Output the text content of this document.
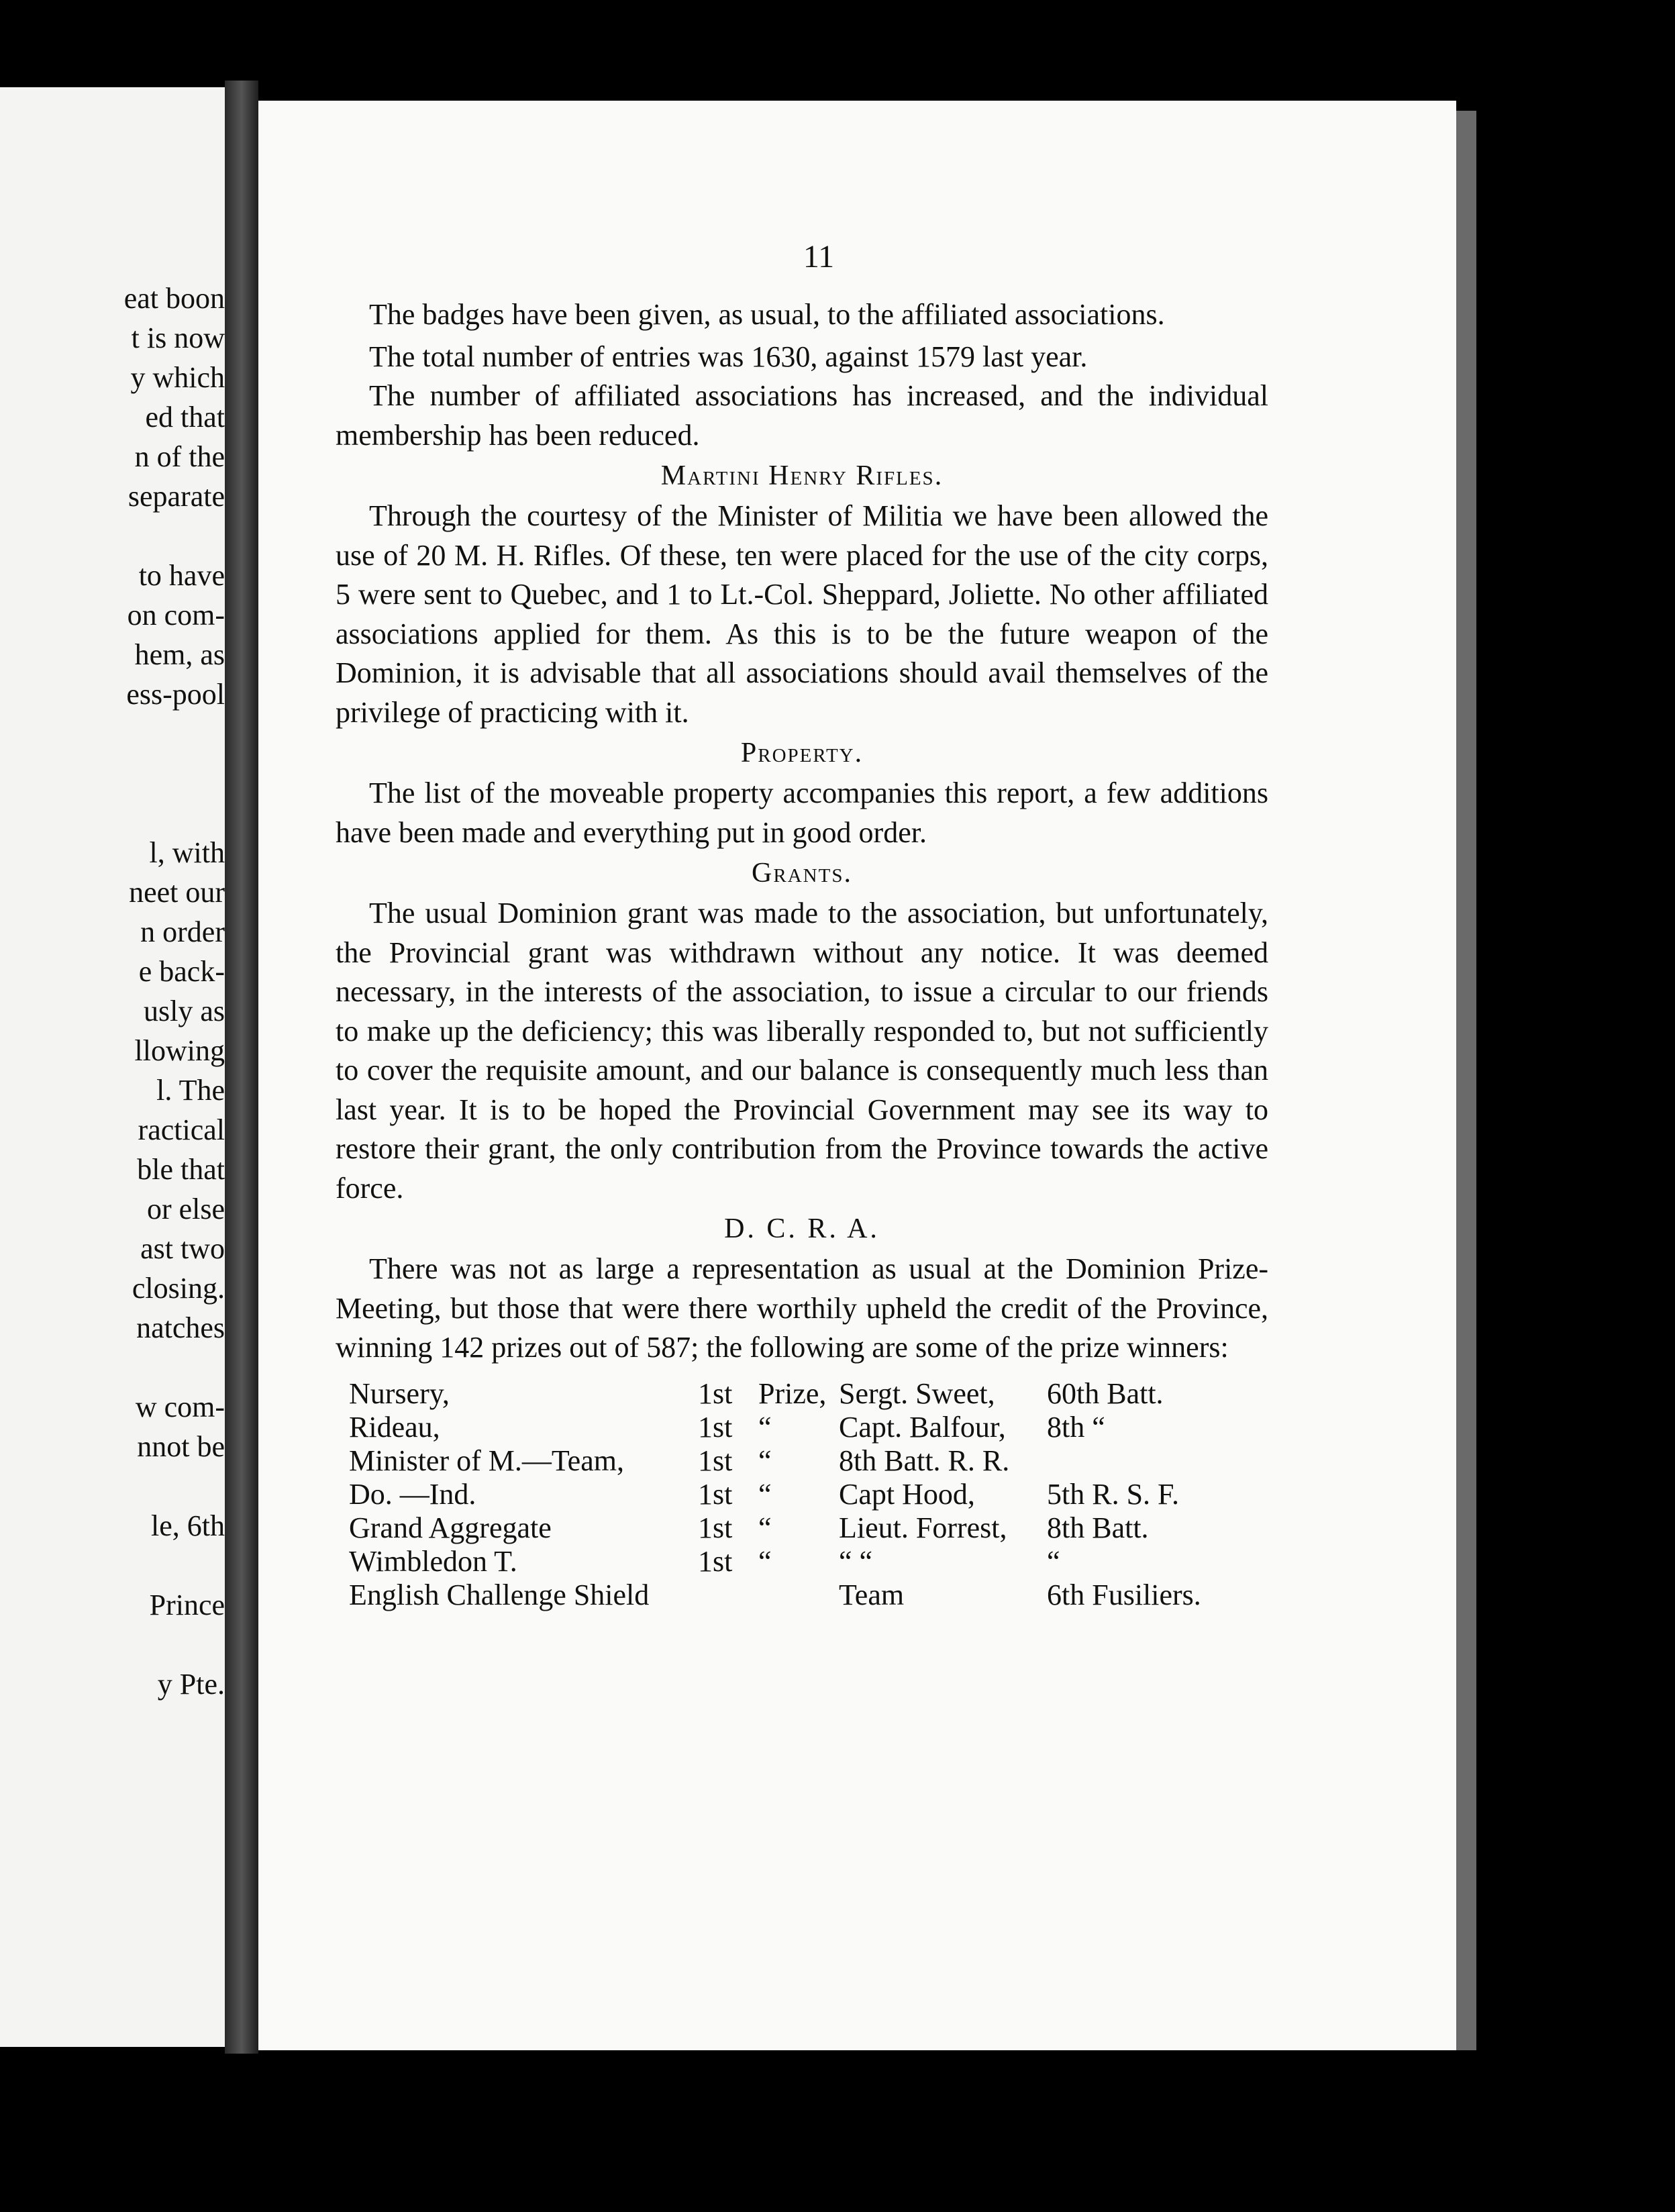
eat boon
t is now
y which
ed that
n of the
separate
to have
on com-
hem, as
ess-pool
l, with
neet our
n order
e back-
usly as
llowing
l. The
ractical
ble that
or else
ast two
closing.
natches
w com-
nnot be
le, 6th
Prince
y Pte.
11

The badges have been given, as usual, to the affiliated associations.

The total number of entries was 1630, against 1579 last year.

The number of affiliated associations has increased, and the individual membership has been reduced.

Martini Henry Rifles.

Through the courtesy of the Minister of Militia we have been allowed the use of 20 M. H. Rifles. Of these, ten were placed for the use of the city corps, 5 were sent to Quebec, and 1 to Lt.-Col. Sheppard, Joliette. No other affiliated associations applied for them. As this is to be the future weapon of the Dominion, it is advisable that all associations should avail themselves of the privilege of practicing with it.

Property.

The list of the moveable property accompanies this report, a few additions have been made and everything put in good order.

Grants.

The usual Dominion grant was made to the association, but unfortunately, the Provincial grant was withdrawn without any notice. It was deemed necessary, in the interests of the association, to issue a circular to our friends to make up the deficiency; this was liberally responded to, but not sufficiently to cover the requisite amount, and our balance is consequently much less than last year. It is to be hoped the Provincial Government may see its way to restore their grant, the only contribution from the Province towards the active force.

D. C. R. A.

There was not as large a representation as usual at the Dominion Prize-Meeting, but those that were there worthily upheld the credit of the Province, winning 142 prizes out of 587; the following are some of the prize winners:

Nursery,	1st	Prize,	Sergt. Sweet,	60th Batt.
Rideau,	1st	“	Capt. Balfour,	8th “
Minister of M.—Team,	1st	“	8th Batt. R. R.	
Do. —Ind.	1st	“	Capt Hood,	5th R. S. F.
Grand Aggregate	1st	“	Lieut. Forrest,	8th Batt.
Wimbledon T.	1st	“	“ “	“
English Challenge Shield			Team	6th Fusiliers.
